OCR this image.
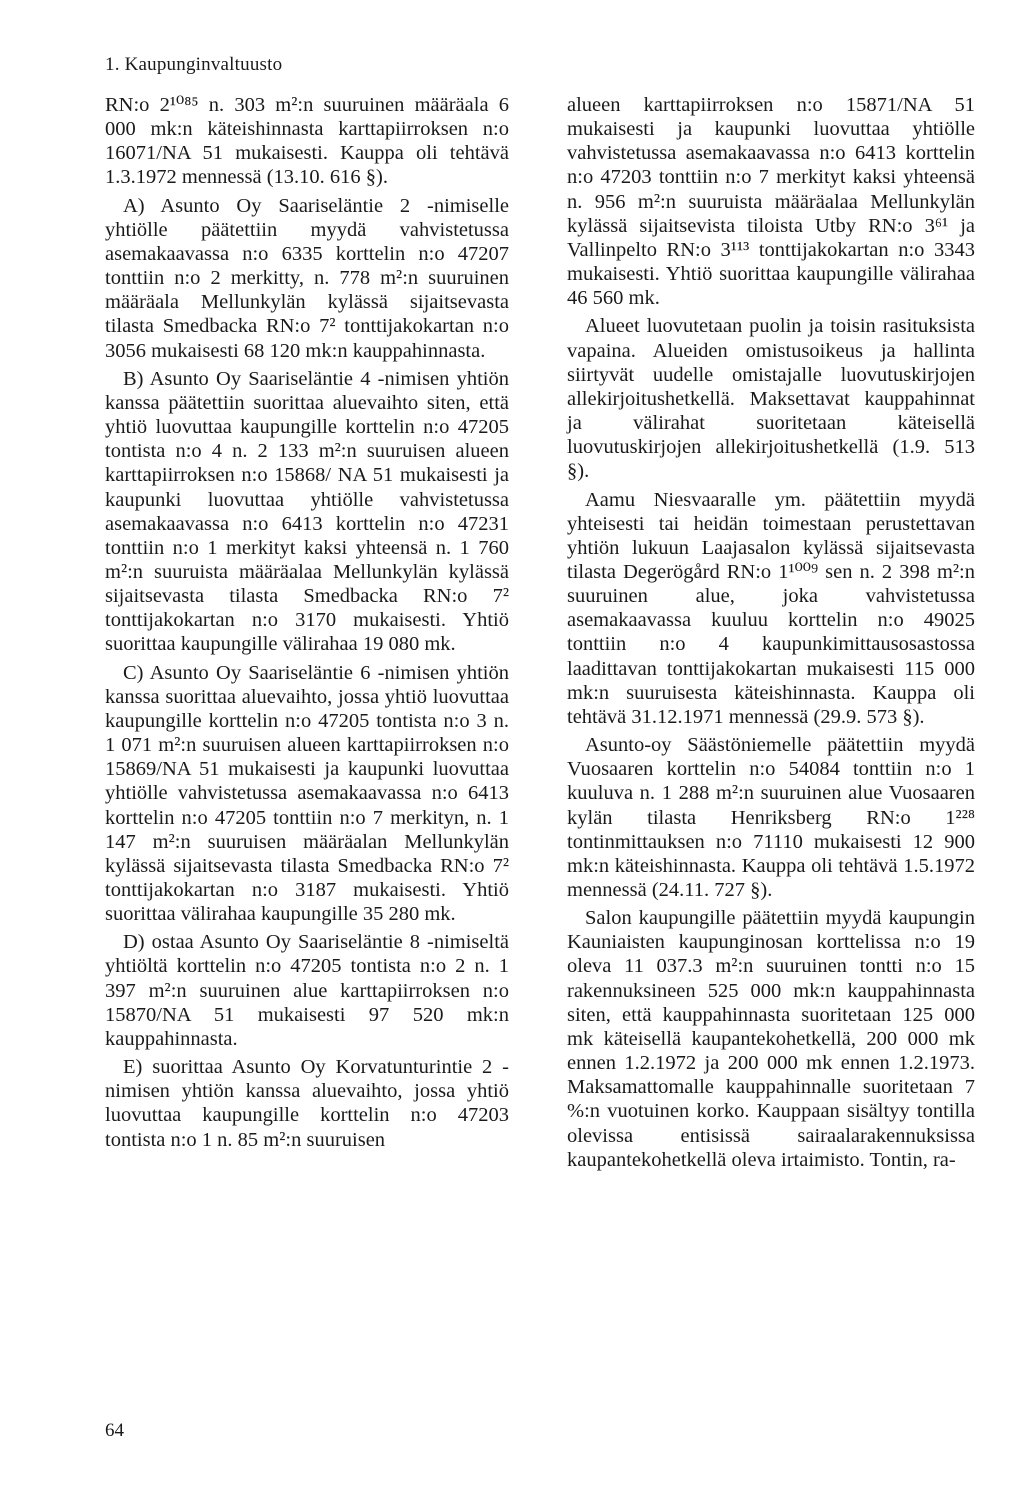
1. Kaupunginvaltuusto

RN:o 2¹⁰⁸⁵ n. 303 m²:n suuruinen määräala 6 000 mk:n käteishinnasta karttapiirroksen n:o 16071/NA 51 mukaisesti. Kauppa oli tehtävä 1.3.1972 mennessä (13.10. 616 §).

A) Asunto Oy Saariseläntie 2 -nimiselle yhtiölle päätettiin myydä vahvistetussa asemakaavassa n:o 6335 korttelin n:o 47207 tonttiin n:o 2 merkitty, n. 778 m²:n suuruinen määräala Mellunkylän kylässä sijaitsevasta tilasta Smedbacka RN:o 7² tonttijakokartan n:o 3056 mukaisesti 68 120 mk:n kauppahinnasta.

B) Asunto Oy Saariseläntie 4 -nimisen yhtiön kanssa päätettiin suorittaa aluevaihto siten, että yhtiö luovuttaa kaupungille korttelin n:o 47205 tontista n:o 4 n. 2 133 m²:n suuruisen alueen karttapiirroksen n:o 15868/ NA 51 mukaisesti ja kaupunki luovuttaa yhtiölle vahvistetussa asemakaavassa n:o 6413 korttelin n:o 47231 tonttiin n:o 1 merkityt kaksi yhteensä n. 1 760 m²:n suuruista määräalaa Mellunkylän kylässä sijaitsevasta tilasta Smedbacka RN:o 7² tonttijakokartan n:o 3170 mukaisesti. Yhtiö suorittaa kaupungille välirahaa 19 080 mk.

C) Asunto Oy Saariseläntie 6 -nimisen yhtiön kanssa suorittaa aluevaihto, jossa yhtiö luovuttaa kaupungille korttelin n:o 47205 tontista n:o 3 n. 1 071 m²:n suuruisen alueen karttapiirroksen n:o 15869/NA 51 mukaisesti ja kaupunki luovuttaa yhtiölle vahvistetussa asemakaavassa n:o 6413 korttelin n:o 47205 tonttiin n:o 7 merkityn, n. 1 147 m²:n suuruisen määräalan Mellunkylän kylässä sijaitsevasta tilasta Smedbacka RN:o 7² tonttijakokartan n:o 3187 mukaisesti. Yhtiö suorittaa välirahaa kaupungille 35 280 mk.

D) ostaa Asunto Oy Saariseläntie 8 -nimiseltä yhtiöltä korttelin n:o 47205 tontista n:o 2 n. 1 397 m²:n suuruinen alue karttapiirroksen n:o 15870/NA 51 mukaisesti 97 520 mk:n kauppahinnasta.

E) suorittaa Asunto Oy Korvatunturintie 2 -nimisen yhtiön kanssa aluevaihto, jossa yhtiö luovuttaa kaupungille korttelin n:o 47203 tontista n:o 1 n. 85 m²:n suuruisen

alueen karttapiirroksen n:o 15871/NA 51 mukaisesti ja kaupunki luovuttaa yhtiölle vahvistetussa asemakaavassa n:o 6413 korttelin n:o 47203 tonttiin n:o 7 merkityt kaksi yhteensä n. 956 m²:n suuruista määräalaa Mellunkylän kylässä sijaitsevista tiloista Utby RN:o 3⁶¹ ja Vallinpelto RN:o 3¹¹³ tonttijakokartan n:o 3343 mukaisesti. Yhtiö suorittaa kaupungille välirahaa 46 560 mk.

Alueet luovutetaan puolin ja toisin rasituksista vapaina. Alueiden omistusoikeus ja hallinta siirtyvät uudelle omistajalle luovutuskirjojen allekirjoitushetkellä. Maksettavat kauppahinnat ja välirahat suoritetaan käteisellä luovutuskirjojen allekirjoitushetkellä (1.9. 513 §).

Aamu Niesvaaralle ym. päätettiin myydä yhteisesti tai heidän toimestaan perustettavan yhtiön lukuun Laajasalon kylässä sijaitsevasta tilasta Degerögård RN:o 1¹⁰⁰⁹ sen n. 2 398 m²:n suuruinen alue, joka vahvistetussa asemakaavassa kuuluu korttelin n:o 49025 tonttiin n:o 4 kaupunkimittausosastossa laadittavan tonttijakokartan mukaisesti 115 000 mk:n suuruisesta käteishinnasta. Kauppa oli tehtävä 31.12.1971 mennessä (29.9. 573 §).

Asunto-oy Säästöniemelle päätettiin myydä Vuosaaren korttelin n:o 54084 tonttiin n:o 1 kuuluva n. 1 288 m²:n suuruinen alue Vuosaaren kylän tilasta Henriksberg RN:o 1²²⁸ tontinmittauksen n:o 71110 mukaisesti 12 900 mk:n käteishinnasta. Kauppa oli tehtävä 1.5.1972 mennessä (24.11. 727 §).

Salon kaupungille päätettiin myydä kaupungin Kauniaisten kaupunginosan korttelissa n:o 19 oleva 11 037.3 m²:n suuruinen tontti n:o 15 rakennuksineen 525 000 mk:n kauppahinnasta siten, että kauppahinnasta suoritetaan 125 000 mk käteisellä kaupantekohetkellä, 200 000 mk ennen 1.2.1972 ja 200 000 mk ennen 1.2.1973. Maksamattomalle kauppahinnalle suoritetaan 7 %:n vuotuinen korko. Kauppaan sisältyy tontilla olevissa entisissä sairaalarakennuksissa kaupantekohetkellä oleva irtaimisto. Tontin, ra-

64
